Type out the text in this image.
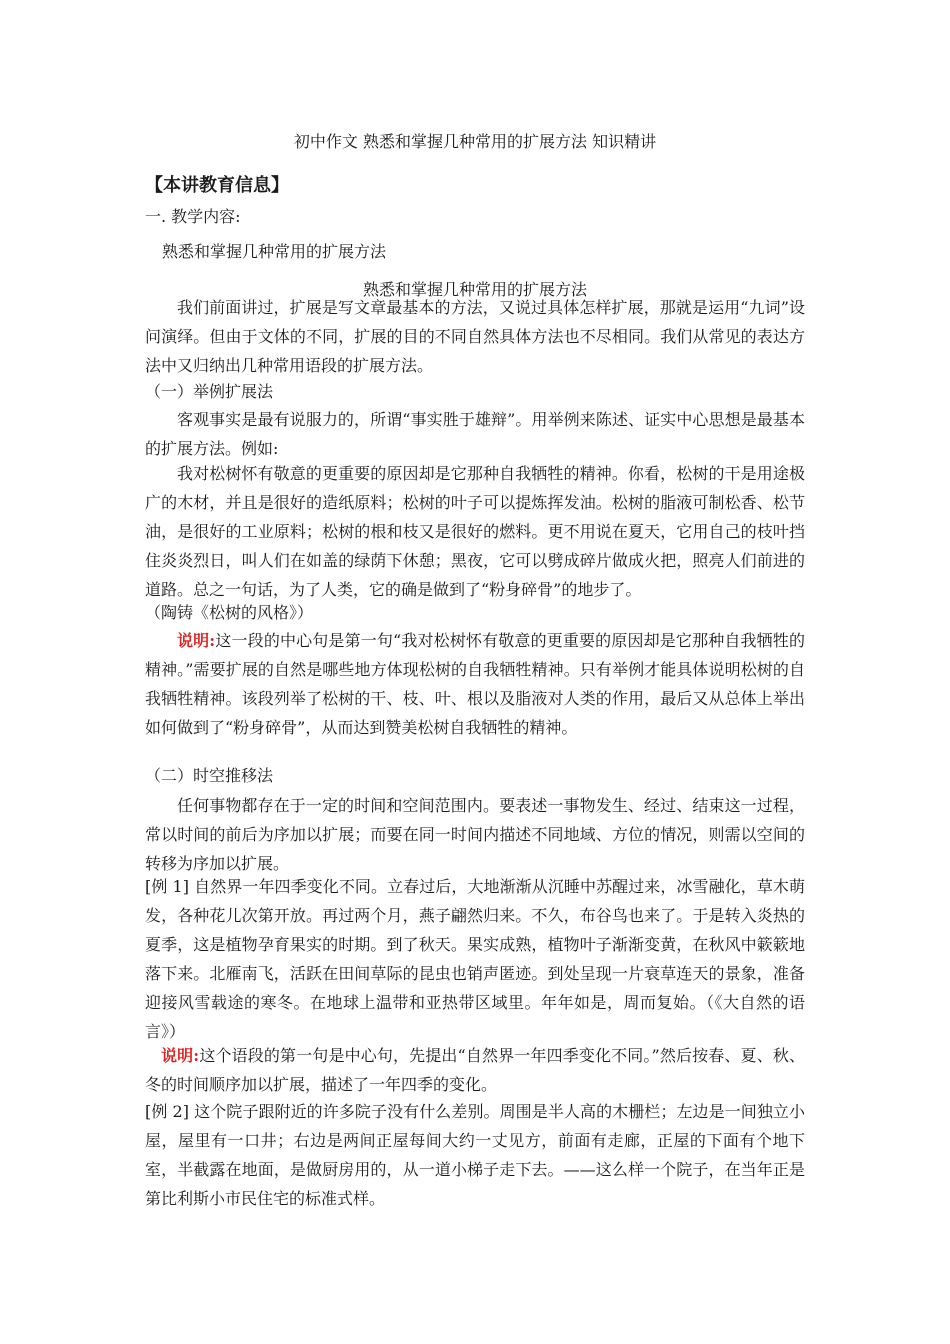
初中作文 熟悉和掌握几种常用的扩展方法 知识精讲
【本讲教育信息】
一. 教学内容:
熟悉和掌握几种常用的扩展方法
熟悉和掌握几种常用的扩展方法
我们前面讲过，扩展是写文章最基本的方法，又说过具体怎样扩展，那就是运用“九词”设问演绎。但由于文体的不同，扩展的目的不同自然具体方法也不尽相同。我们从常见的表达方法中又归纳出几种常用语段的扩展方法。
（一）举例扩展法
客观事实是最有说服力的，所谓“事实胜于雄辩”。用举例来陈述、证实中心思想是最基本的扩展方法。例如:
我对松树怀有敬意的更重要的原因却是它那种自我牺牲的精神。你看，松树的干是用途极广的木材，并且是很好的造纸原料；松树的叶子可以提炼挥发油。松树的脂液可制松香、松节油，是很好的工业原料；松树的根和枝又是很好的燃料。更不用说在夏天，它用自己的枝叶挡住炎炎烈日，叫人们在如盖的绿荫下休憩；黑夜，它可以劈成碎片做成火把，照亮人们前进的道路。总之一句话，为了人类，它的确是做到了“粉身碎骨”的地步了。
（陶铸《松树的风格》）
说明:这一段的中心句是第一句“我对松树怀有敬意的更重要的原因却是它那种自我牺牲的精神。”需要扩展的自然是哪些地方体现松树的自我牺牲精神。只有举例才能具体说明松树的自我牺牲精神。该段列举了松树的干、枝、叶、根以及脂液对人类的作用，最后又从总体上举出如何做到了“粉身碎骨”，从而达到赞美松树自我牺牲的精神。
（二）时空推移法
任何事物都存在于一定的时间和空间范围内。要表述一事物发生、经过、结束这一过程，常以时间的前后为序加以扩展；而要在同一时间内描述不同地域、方位的情况，则需以空间的转移为序加以扩展。
[例 1] 自然界一年四季变化不同。立春过后，大地渐渐从沉睡中苏醒过来，冰雪融化，草木萌发，各种花儿次第开放。再过两个月，燕子翩然归来。不久，布谷鸟也来了。于是转入炎热的夏季，这是植物孕育果实的时期。到了秋天。果实成熟，植物叶子渐渐变黄，在秋风中簌簌地落下来。北雁南飞，活跃在田间草际的昆虫也销声匿迹。到处呈现一片衰草连天的景象，准备迎接风雪载途的寒冬。在地球上温带和亚热带区域里。年年如是，周而复始。（《大自然的语言》）
说明:这个语段的第一句是中心句，先提出“自然界一年四季变化不同。”然后按春、夏、秋、冬的时间顺序加以扩展，描述了一年四季的变化。
[例 2] 这个院子跟附近的许多院子没有什么差别。周围是半人高的木栅栏；左边是一间独立小屋，屋里有一口井；右边是两间正屋每间大约一丈见方，前面有走廊，正屋的下面有个地下室，半截露在地面，是做厨房用的，从一道小梯子走下去。——这么样一个院子，在当年正是第比利斯小市民住宅的标准式样。
